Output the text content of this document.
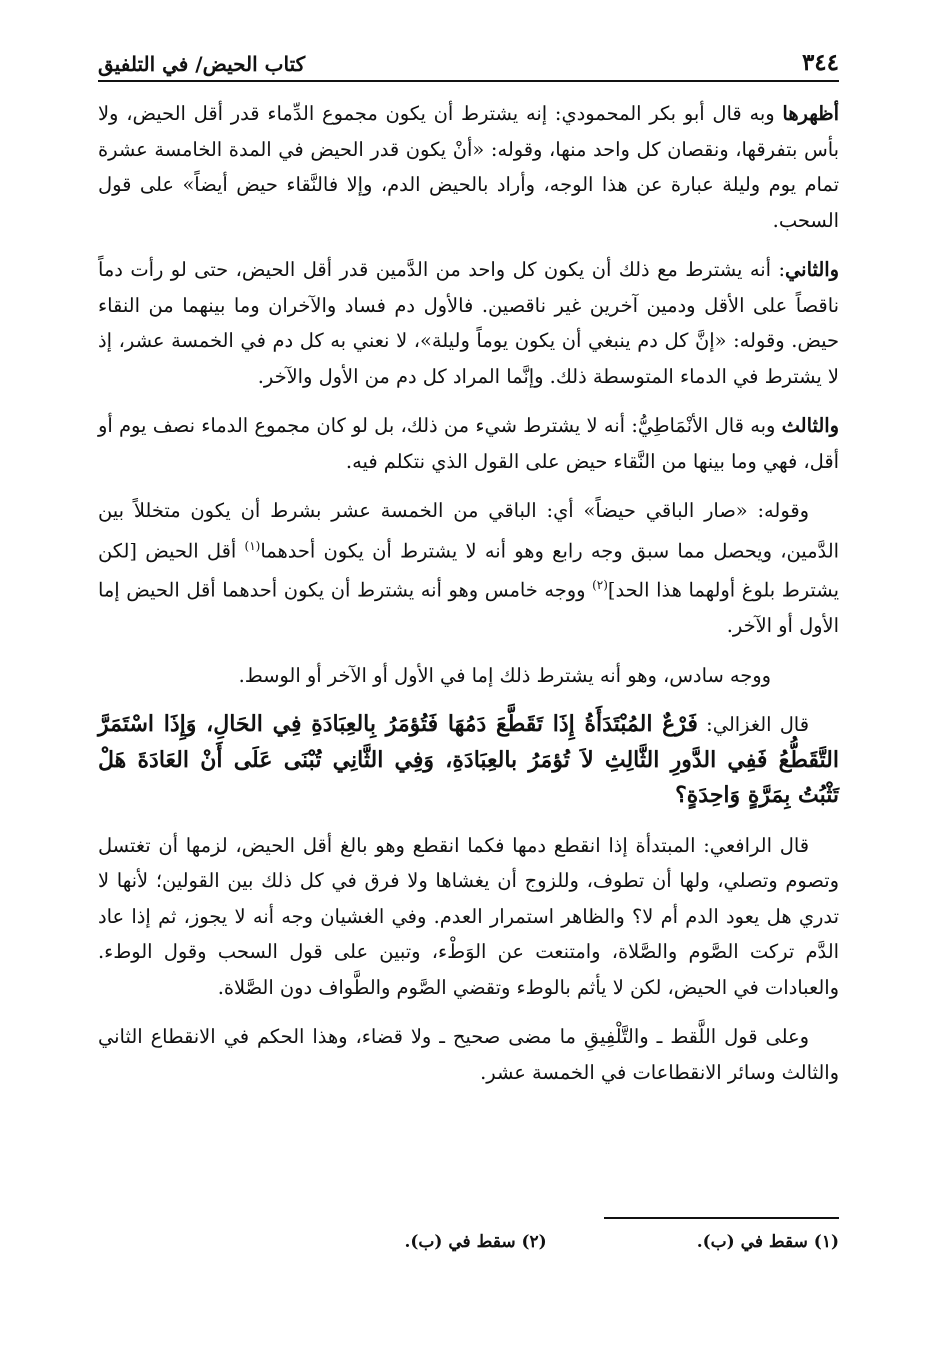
٣٤٤
كتاب الحيض/ في التلفيق

أظهرها وبه قال أبو بكر المحمودي: إنه يشترط أن يكون مجموع الدِّماء قدر أقل الحيض، ولا بأس بتفرقها، ونقصان كل واحد منها، وقوله: «أنْ يكون قدر الحيض في المدة الخامسة عشرة تمام يوم وليلة عبارة عن هذا الوجه، وأراد بالحيض الدم، وإلا فالنَّقاء حيض أيضاً» على قول السحب.

والثاني: أنه يشترط مع ذلك أن يكون كل واحد من الدَّمين قدر أقل الحيض، حتى لو رأت دماً ناقصاً على الأقل ودمين آخرين غير ناقصين. فالأول دم فساد والآخران وما بينهما من النقاء حيض. وقوله: «إنَّ كل دم ينبغي أن يكون يوماً وليلة»، لا نعني به كل دم في الخمسة عشر، إذ لا يشترط في الدماء المتوسطة ذلك. وإنَّما المراد كل دم من الأول والآخر.

والثالث وبه قال الأنْمَاطِيُّ: أنه لا يشترط شيء من ذلك، بل لو كان مجموع الدماء نصف يوم أو أقل، فهي وما بينها من النَّقاء حيض على القول الذي نتكلم فيه.

وقوله: «صار الباقي حيضاً» أي: الباقي من الخمسة عشر بشرط أن يكون متخللاً بين الدَّمين، ويحصل مما سبق وجه رابع وهو أنه لا يشترط أن يكون أحدهما$^{(١)}$ أقل الحيض [لكن يشترط بلوغ أولهما هذا الحد]$^{(٢)}$ ووجه خامس وهو أنه يشترط أن يكون أحدهما أقل الحيض إما الأول أو الآخر.

ووجه سادس، وهو أنه يشترط ذلك إما في الأول أو الآخر أو الوسط.

قال الغزالي: فَرْعٌ المُبْتَدَأَةُ إِذَا تَقَطَّعَ دَمُهَا فَتُؤمَرُ بِالعِبَادَةِ فِي الحَالِ، وَإِذَا اسْتَمَرَّ التَّقَطُّعُ فَفِي الدَّورِ الثَّالِثِ لاَ تُؤمَرُ بالعِبَادَةِ، وَفِي الثَّانِي تُبْنَى عَلَى أَنْ العَادَةَ هَلْ تَثْبُتُ بِمَرَّةٍ وَاحِدَةٍ؟

قال الرافعي: المبتدأة إذا انقطع دمها فكما انقطع وهو بالغ أقل الحيض، لزمها أن تغتسل وتصوم وتصلي، ولها أن تطوف، وللزوج أن يغشاها ولا فرق في كل ذلك بين القولين؛ لأنها لا تدري هل يعود الدم أم لا؟ والظاهر استمرار العدم. وفي الغشيان وجه أنه لا يجوز، ثم إذا عاد الدَّم تركت الصَّوم والصَّلاة، وامتنعت عن الوَطْء، وتبين على قول السحب وقول الوطء. والعبادات في الحيض، لكن لا يأثم بالوطء وتقضي الصَّوم والطَّواف دون الصَّلاة.

وعلى قول اللَّقط ـ والتَّلْفِيقِ ما مضى صحيح ـ ولا قضاء، وهذا الحكم في الانقطاع الثاني والثالث وسائر الانقطاعات في الخمسة عشر.

(١) سقط في (ب).
(٢) سقط في (ب).
